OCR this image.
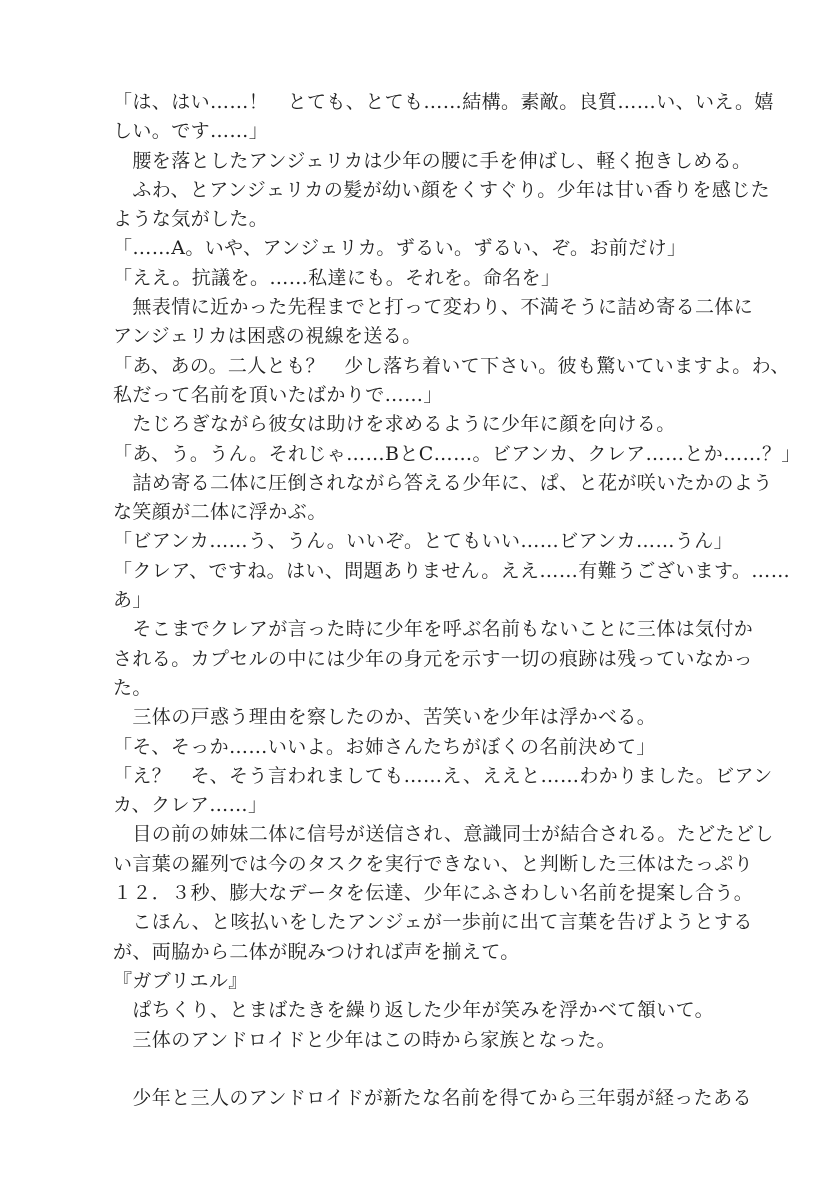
「は、はい……！　とても、とても……結構。素敵。良質……い、いえ。嬉
しい。です……」
　腰を落としたアンジェリカは少年の腰に手を伸ばし、軽く抱きしめる。
　ふわ、とアンジェリカの髪が幼い顔をくすぐり。少年は甘い香りを感じた
ような気がした。
「……A。いや、アンジェリカ。ずるい。ずるい、ぞ。お前だけ」
「ええ。抗議を。……私達にも。それを。命名を」
　無表情に近かった先程までと打って変わり、不満そうに詰め寄る二体に
アンジェリカは困惑の視線を送る。
「あ、あの。二人とも？　少し落ち着いて下さい。彼も驚いていますよ。わ、
私だって名前を頂いたばかりで……」
　たじろぎながら彼女は助けを求めるように少年に顔を向ける。
「あ、う。うん。それじゃ……BとC……。ビアンカ、クレア……とか……？」
　詰め寄る二体に圧倒されながら答える少年に、ぱ、と花が咲いたかのよう
な笑顔が二体に浮かぶ。
「ビアンカ……う、うん。いいぞ。とてもいい……ビアンカ……うん」
「クレア、ですね。はい、問題ありません。ええ……有難うございます。……
あ」
　そこまでクレアが言った時に少年を呼ぶ名前もないことに三体は気付か
される。カプセルの中には少年の身元を示す一切の痕跡は残っていなかっ
た。
　三体の戸惑う理由を察したのか、苦笑いを少年は浮かべる。
「そ、そっか……いいよ。お姉さんたちがぼくの名前決めて」
「え？　そ、そう言われましても……え、ええと……わかりました。ビアン
カ、クレア……」
　目の前の姉妹二体に信号が送信され、意識同士が結合される。たどたどし
い言葉の羅列では今のタスクを実行できない、と判断した三体はたっぷり
１２．３秒、膨大なデータを伝達、少年にふさわしい名前を提案し合う。
　こほん、と咳払いをしたアンジェが一歩前に出て言葉を告げようとする
が、両脇から二体が睨みつければ声を揃えて。
『ガブリエル』
　ぱちくり、とまばたきを繰り返した少年が笑みを浮かべて頷いて。
　三体のアンドロイドと少年はこの時から家族となった。
　少年と三人のアンドロイドが新たな名前を得てから三年弱が経ったある
